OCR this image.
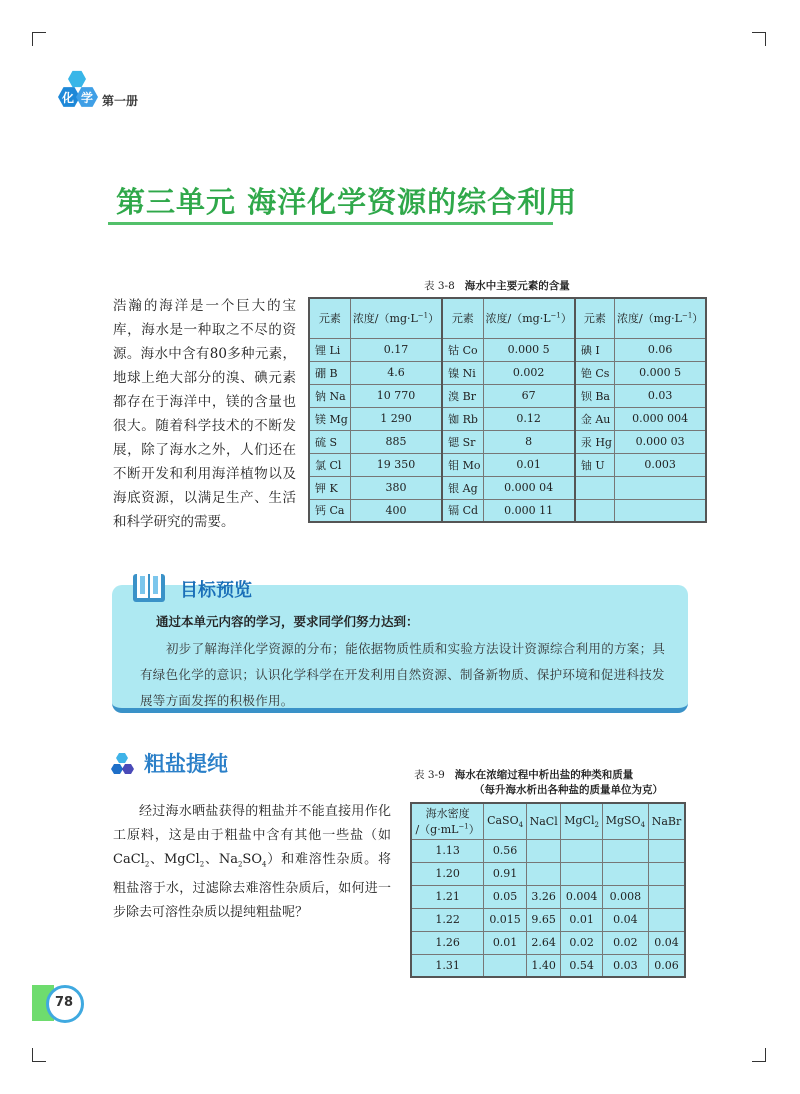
化 学 第一册
第三单元 海洋化学资源的综合利用

浩瀚的海洋是一个巨大的宝库，海水是一种取之不尽的资源。海水中含有80多种元素，地球上绝大部分的溴、碘元素都存在于海洋中，镁的含量也很大。随着科学技术的不断发展，除了海水之外，人们还在不断开发和利用海洋植物以及海底资源，以满足生产、生活和科学研究的需要。

表 3-8 海水中主要元素的含量
元素	浓度$/(mg\cdot L^{-1})$	元素	浓度$/(mg\cdot L^{-1})$	元素	浓度$/(mg\cdot L^{-1})$
锂 Li	0.17	钴 Co	0.000 5	碘 I	0.06
硼 B	4.6	镍 Ni	0.002	铯 Cs	0.000 5
钠 Na	10 770	溴 Br	67	钡 Ba	0.03
镁 Mg	1 290	铷 Rb	0.12	金 Au	0.000 004
硫 S	885	锶 Sr	8	汞 Hg	0.000 03
氯 Cl	19 350	钼 Mo	0.01	铀 U	0.003
钾 K	380	银 Ag	0.000 04		
钙 Ca	400	镉 Cd	0.000 11		
目标预览
通过本单元内容的学习，要求同学们努力达到：

初步了解海洋化学资源的分布；能依据物质性质和实验方法设计资源综合利用的方案；具有绿色化学的意识；认识化学科学在开发利用自然资源、制备新物质、保护环境和促进科技发展等方面发挥的积极作用。

粗盐提纯

经过海水晒盐获得的粗盐并不能直接用作化工原料，这是由于粗盐中含有其他一些盐（如CaCl$_2$、MgCl$_2$、$Na_2SO_4$）和难溶性杂质。将粗盐溶于水，过滤除去难溶性杂质后，如何进一步除去可溶性杂质以提纯粗盐呢？

表 3-9 海水在浓缩过程中析出盐的种类和质量
（每升海水析出各种盐的质量单位为克）
海水密度
$/(g\cdot mL^{-1})$	CaSO$_4$	NaCl	MgCl$_2$	MgSO$_4$	NaBr
1.13	0.56				
1.20	0.91				
1.21	0.05	3.26	0.004	0.008	
1.22	0.015	9.65	0.01	0.04	
1.26	0.01	2.64	0.02	0.02	0.04
1.31		1.40	0.54	0.03	0.06
78
